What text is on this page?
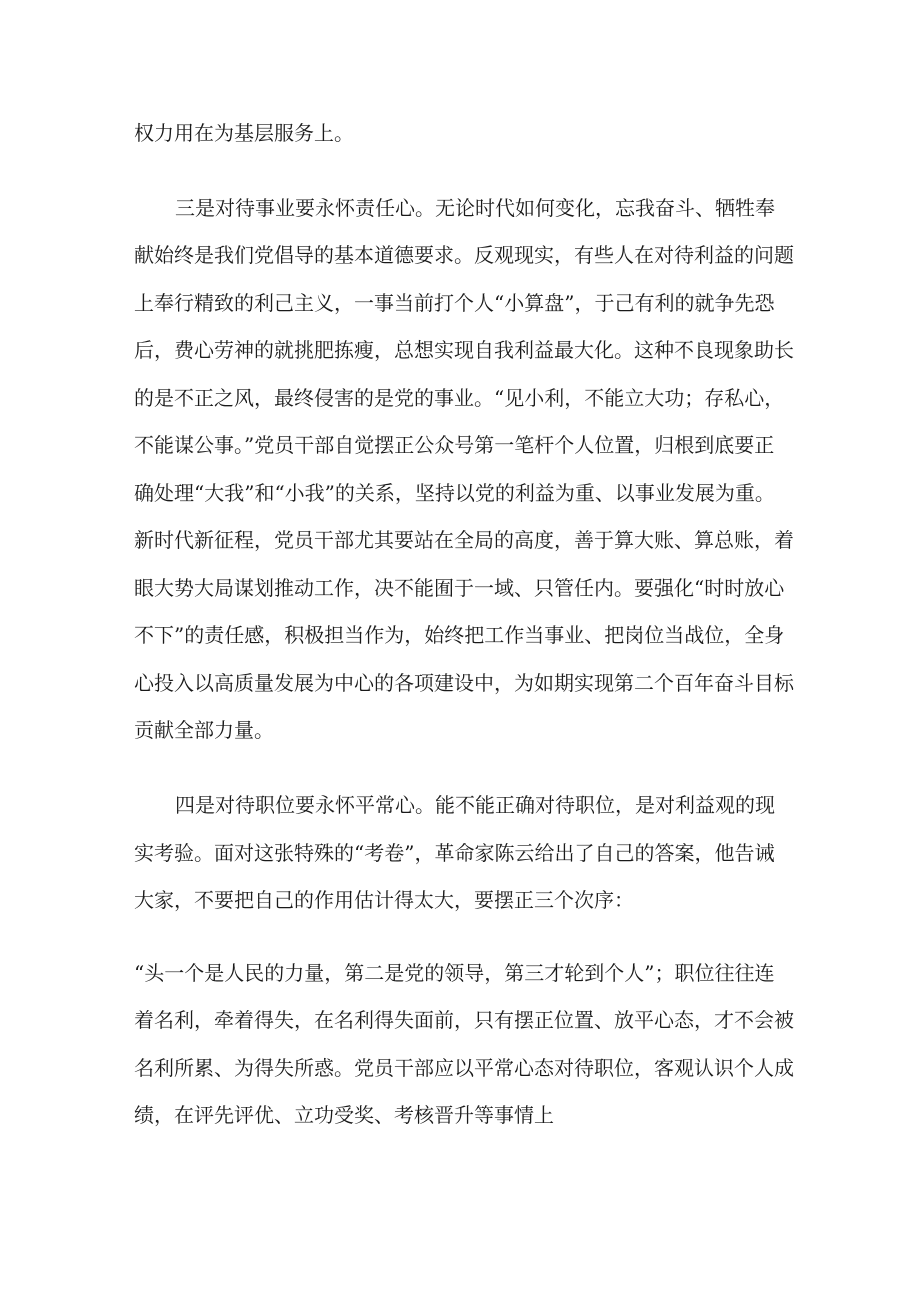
权力用在为基层服务上。
三是对待事业要永怀责任心。无论时代如何变化，忘我奋斗、牺牲奉
献始终是我们党倡导的基本道德要求。反观现实，有些人在对待利益的问题
上奉行精致的利己主义，一事当前打个人“小算盘”，于己有利的就争先恐
后，费心劳神的就挑肥拣瘦，总想实现自我利益最大化。这种不良现象助长
的是不正之风，最终侵害的是党的事业。“见小利，不能立大功；存私心，
不能谋公事。”党员干部自觉摆正公众号第一笔杆个人位置，归根到底要正
确处理“大我”和“小我”的关系，坚持以党的利益为重、以事业发展为重。
新时代新征程，党员干部尤其要站在全局的高度，善于算大账、算总账，着
眼大势大局谋划推动工作，决不能囿于一域、只管任内。要强化“时时放心
不下”的责任感，积极担当作为，始终把工作当事业、把岗位当战位，全身
心投入以高质量发展为中心的各项建设中，为如期实现第二个百年奋斗目标
贡献全部力量。
四是对待职位要永怀平常心。能不能正确对待职位，是对利益观的现
实考验。面对这张特殊的“考卷”，革命家陈云给出了自己的答案，他告诫
大家，不要把自己的作用估计得太大，要摆正三个次序：
“头一个是人民的力量，第二是党的领导，第三才轮到个人”；职位往往连
着名利，牵着得失，在名利得失面前，只有摆正位置、放平心态，才不会被
名利所累、为得失所惑。党员干部应以平常心态对待职位，客观认识个人成
绩，在评先评优、立功受奖、考核晋升等事情上
